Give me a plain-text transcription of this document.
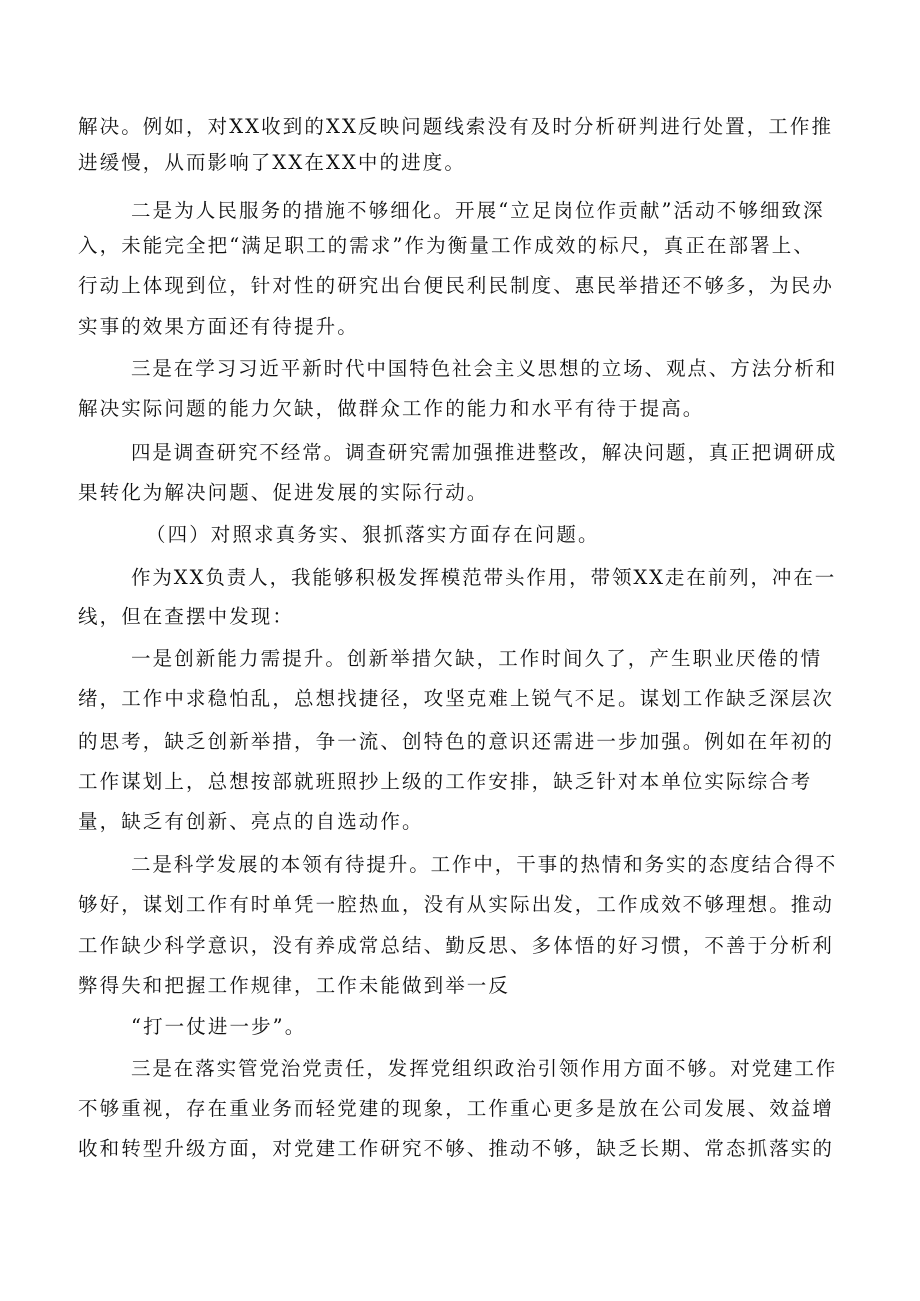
解决。例如，对XX收到的XX反映问题线索没有及时分析研判进行处置，工作推
进缓慢，从而影响了XX在XX中的进度。
二是为人民服务的措施不够细化。开展“立足岗位作贡献”活动不够细致深
入，未能完全把“满足职工的需求”作为衡量工作成效的标尺，真正在部署上、
行动上体现到位，针对性的研究出台便民利民制度、惠民举措还不够多，为民办
实事的效果方面还有待提升。
三是在学习习近平新时代中国特色社会主义思想的立场、观点、方法分析和
解决实际问题的能力欠缺，做群众工作的能力和水平有待于提高。
四是调查研究不经常。调查研究需加强推进整改，解决问题，真正把调研成
果转化为解决问题、促进发展的实际行动。
（四）对照求真务实、狠抓落实方面存在问题。
作为XX负责人，我能够积极发挥模范带头作用，带领XX走在前列，冲在一
线，但在查摆中发现：
一是创新能力需提升。创新举措欠缺，工作时间久了，产生职业厌倦的情
绪，工作中求稳怕乱，总想找捷径，攻坚克难上锐气不足。谋划工作缺乏深层次
的思考，缺乏创新举措，争一流、创特色的意识还需进一步加强。例如在年初的
工作谋划上，总想按部就班照抄上级的工作安排，缺乏针对本单位实际综合考
量，缺乏有创新、亮点的自选动作。
二是科学发展的本领有待提升。工作中，干事的热情和务实的态度结合得不
够好，谋划工作有时单凭一腔热血，没有从实际出发，工作成效不够理想。推动
工作缺少科学意识，没有养成常总结、勤反思、多体悟的好习惯，不善于分析利
弊得失和把握工作规律，工作未能做到举一反
“打一仗进一步”。
三是在落实管党治党责任，发挥党组织政治引领作用方面不够。对党建工作
不够重视，存在重业务而轻党建的现象，工作重心更多是放在公司发展、效益增
收和转型升级方面，对党建工作研究不够、推动不够，缺乏长期、常态抓落实的
